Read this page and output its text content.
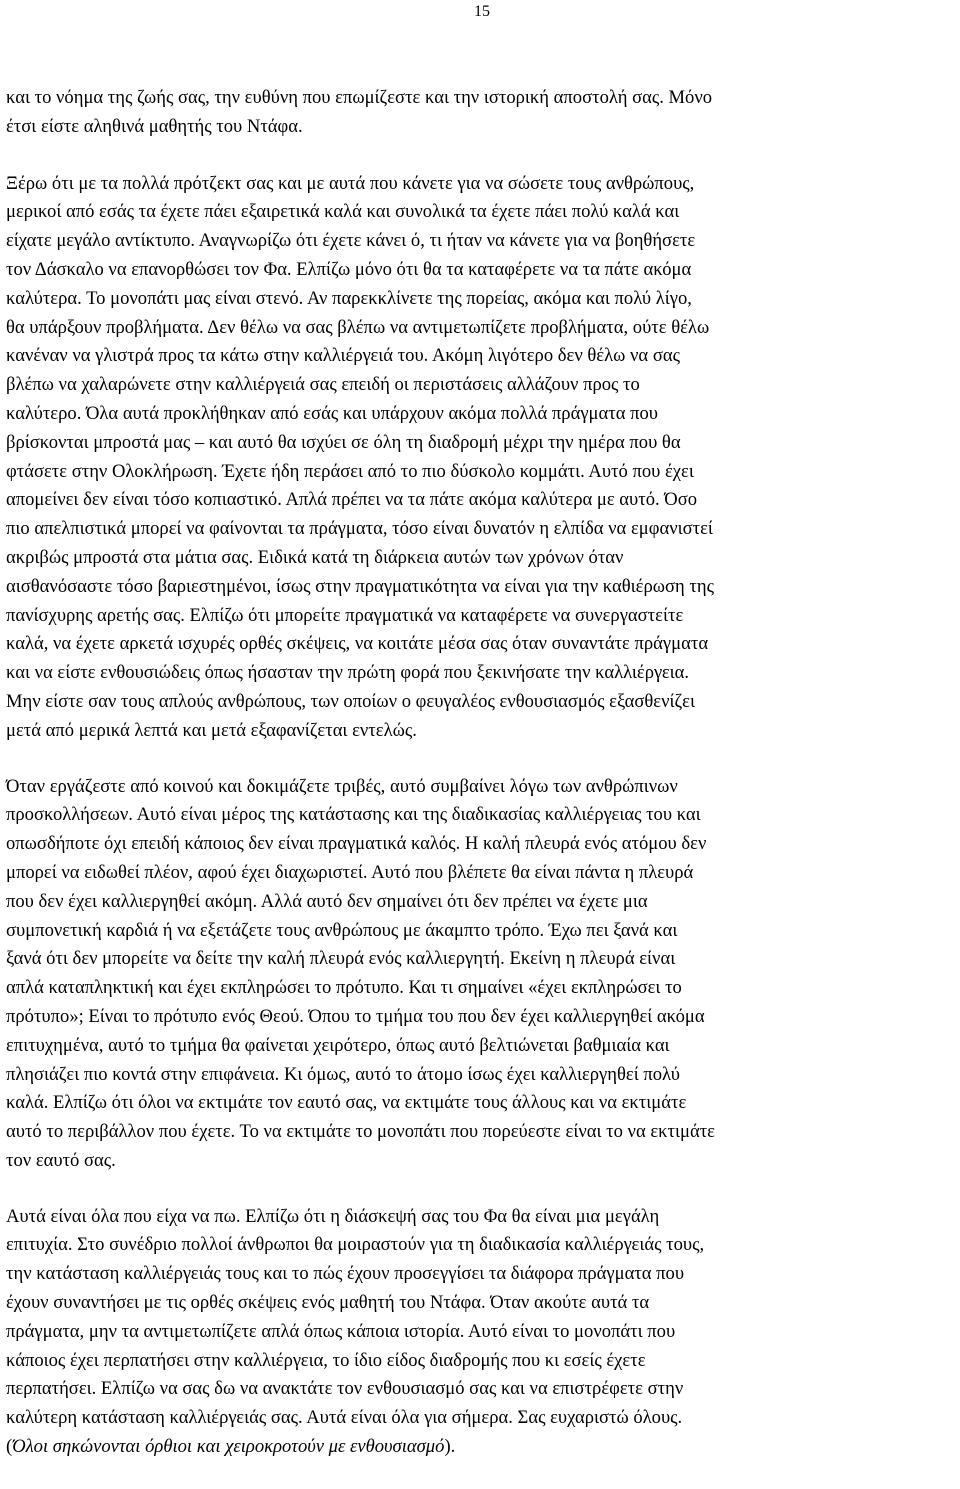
15
και το νόημα της ζωής σας, την ευθύνη που επωμίζεστε και την ιστορική αποστολή σας. Μόνο
έτσι είστε αληθινά μαθητής του Ντάφα.
Ξέρω ότι με τα πολλά πρότζεκτ σας και με αυτά που κάνετε για να σώσετε τους ανθρώπους,
μερικοί από εσάς τα έχετε πάει εξαιρετικά καλά και συνολικά τα έχετε πάει πολύ καλά και
είχατε μεγάλο αντίκτυπο. Αναγνωρίζω ότι έχετε κάνει ό, τι ήταν να κάνετε για να βοηθήσετε
τον Δάσκαλο να επανορθώσει τον Φα. Ελπίζω μόνο ότι θα τα καταφέρετε να τα πάτε ακόμα
καλύτερα. Το μονοπάτι μας είναι στενό. Αν παρεκκλίνετε της πορείας, ακόμα και πολύ λίγο,
θα υπάρξουν προβλήματα. Δεν θέλω να σας βλέπω να αντιμετωπίζετε προβλήματα, ούτε θέλω
κανέναν να γλιστρά προς τα κάτω στην καλλιέργειά του. Ακόμη λιγότερο δεν θέλω να σας
βλέπω να χαλαρώνετε στην καλλιέργειά σας επειδή οι περιστάσεις αλλάζουν προς το
καλύτερο. Όλα αυτά προκλήθηκαν από εσάς και υπάρχουν ακόμα πολλά πράγματα που
βρίσκονται μπροστά μας – και αυτό θα ισχύει σε όλη τη διαδρομή μέχρι την ημέρα που θα
φτάσετε στην Ολοκλήρωση. Έχετε ήδη περάσει από το πιο δύσκολο κομμάτι. Αυτό που έχει
απομείνει δεν είναι τόσο κοπιαστικό. Απλά πρέπει να τα πάτε ακόμα καλύτερα με αυτό. Όσο
πιο απελπιστικά μπορεί να φαίνονται τα πράγματα, τόσο είναι δυνατόν η ελπίδα να εμφανιστεί
ακριβώς μπροστά στα μάτια σας. Ειδικά κατά τη διάρκεια αυτών των χρόνων όταν
αισθανόσαστε τόσο βαριεστημένοι, ίσως στην πραγματικότητα να είναι για την καθιέρωση της
πανίσχυρης αρετής σας. Ελπίζω ότι μπορείτε πραγματικά να καταφέρετε να συνεργαστείτε
καλά, να έχετε αρκετά ισχυρές ορθές σκέψεις, να κοιτάτε μέσα σας όταν συναντάτε πράγματα
και να είστε ενθουσιώδεις όπως ήσασταν την πρώτη φορά που ξεκινήσατε την καλλιέργεια.
Μην είστε σαν τους απλούς ανθρώπους, των οποίων ο φευγαλέος ενθουσιασμός εξασθενίζει
μετά από μερικά λεπτά και μετά εξαφανίζεται εντελώς.
Όταν εργάζεστε από κοινού και δοκιμάζετε τριβές, αυτό συμβαίνει λόγω των ανθρώπινων
προσκολλήσεων. Αυτό είναι μέρος της κατάστασης και της διαδικασίας καλλιέργειας του και
οπωσδήποτε όχι επειδή κάποιος δεν είναι πραγματικά καλός. Η καλή πλευρά ενός ατόμου δεν
μπορεί να ειδωθεί πλέον, αφού έχει διαχωριστεί. Αυτό που βλέπετε θα είναι πάντα η πλευρά
που δεν έχει καλλιεργηθεί ακόμη. Αλλά αυτό δεν σημαίνει ότι δεν πρέπει να έχετε μια
συμπονετική καρδιά ή να εξετάζετε τους ανθρώπους με άκαμπτο τρόπο. Έχω πει ξανά και
ξανά ότι δεν μπορείτε να δείτε την καλή πλευρά ενός καλλιεργητή. Εκείνη η πλευρά είναι
απλά καταπληκτική και έχει εκπληρώσει το πρότυπο. Και τι σημαίνει «έχει εκπληρώσει το
πρότυπο»; Είναι το πρότυπο ενός Θεού. Όπου το τμήμα του που δεν έχει καλλιεργηθεί ακόμα
επιτυχημένα, αυτό το τμήμα θα φαίνεται χειρότερο, όπως αυτό βελτιώνεται βαθμιαία και
πλησιάζει πιο κοντά στην επιφάνεια. Κι όμως, αυτό το άτομο ίσως έχει καλλιεργηθεί πολύ
καλά. Ελπίζω ότι όλοι να εκτιμάτε τον εαυτό σας, να εκτιμάτε τους άλλους και να εκτιμάτε
αυτό το περιβάλλον που έχετε. Το να εκτιμάτε το μονοπάτι που πορεύεστε είναι το να εκτιμάτε
τον εαυτό σας.
Αυτά είναι όλα που είχα να πω. Ελπίζω ότι η διάσκεψή σας του Φα θα είναι μια μεγάλη
επιτυχία. Στο συνέδριο πολλοί άνθρωποι θα μοιραστούν για τη διαδικασία καλλιέργειάς τους,
την κατάσταση καλλιέργειάς τους και το πώς έχουν προσεγγίσει τα διάφορα πράγματα που
έχουν συναντήσει με τις ορθές σκέψεις ενός μαθητή του Ντάφα. Όταν ακούτε αυτά τα
πράγματα, μην τα αντιμετωπίζετε απλά όπως κάποια ιστορία. Αυτό είναι το μονοπάτι που
κάποιος έχει περπατήσει στην καλλιέργεια, το ίδιο είδος διαδρομής που κι εσείς έχετε
περπατήσει. Ελπίζω να σας δω να ανακτάτε τον ενθουσιασμό σας και να επιστρέφετε στην
καλύτερη κατάσταση καλλιέργειάς σας. Αυτά είναι όλα για σήμερα. Σας ευχαριστώ όλους.
(Όλοι σηκώνονται όρθιοι και χειροκροτούν με ενθουσιασμό).
